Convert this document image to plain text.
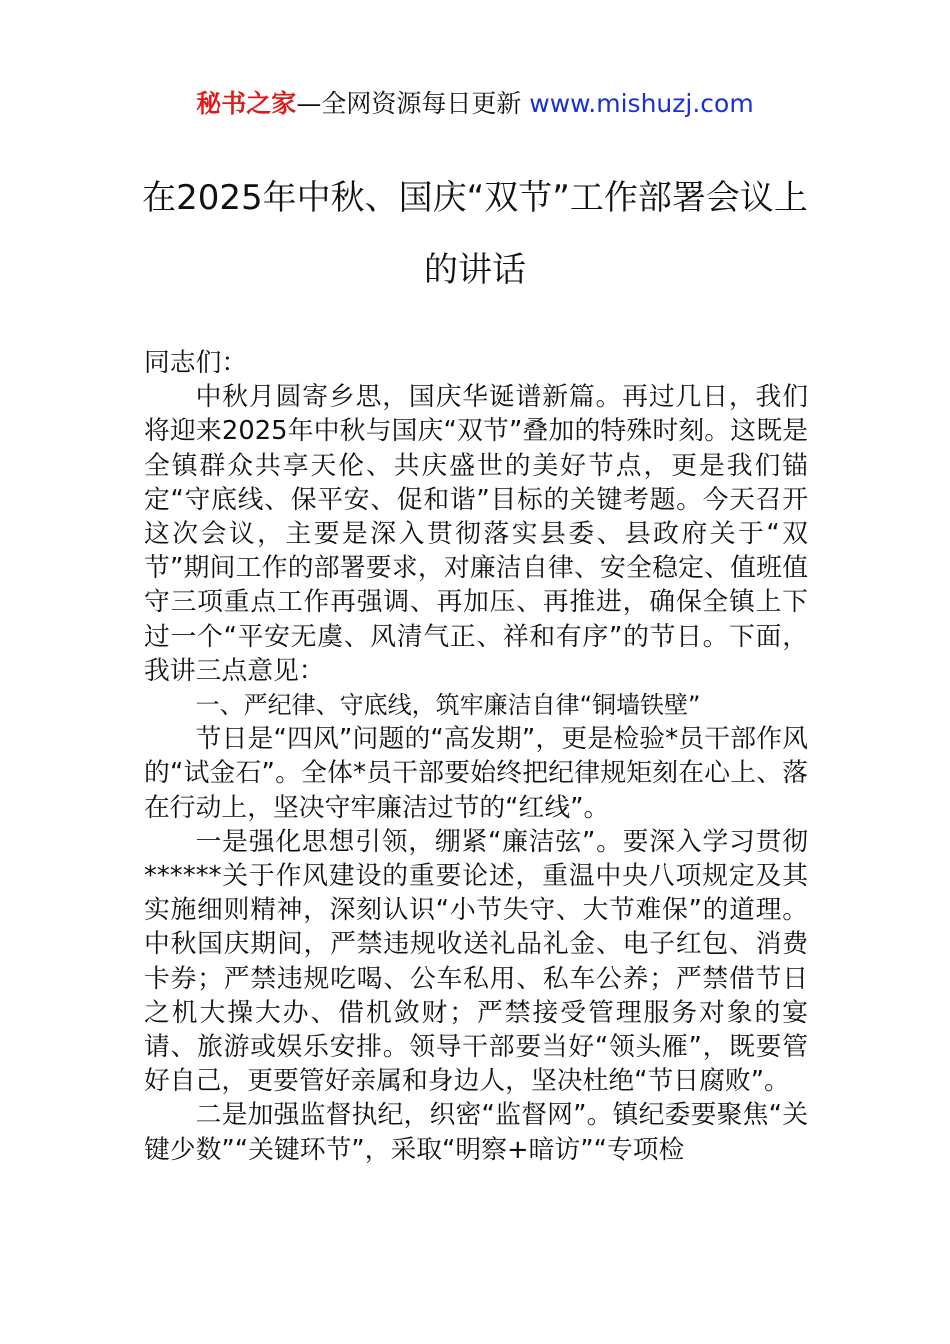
秘书之家—全网资源每日更新 www.mishuzj.com
在2025年中秋、国庆“双节”工作部署会议上的讲话

同志们：

中秋月圆寄乡思，国庆华诞谱新篇。再过几日，我们将迎来2025年中秋与国庆“双节”叠加的特殊时刻。这既是全镇群众共享天伦、共庆盛世的美好节点，更是我们锚定“守底线、保平安、促和谐”目标的关键考题。今天召开这次会议，主要是深入贯彻落实县委、县政府关于“双节”期间工作的部署要求，对廉洁自律、安全稳定、值班值守三项重点工作再强调、再加压、再推进，确保全镇上下过一个“平安无虞、风清气正、祥和有序”的节日。下面，我讲三点意见：

一、严纪律、守底线，筑牢廉洁自律“铜墙铁壁”

节日是“四风”问题的“高发期”，更是检验*员干部作风的“试金石”。全体*员干部要始终把纪律规矩刻在心上、落在行动上，坚决守牢廉洁过节的“红线”。

一是强化思想引领，绷紧“廉洁弦”。要深入学习贯彻******关于作风建设的重要论述，重温中央八项规定及其实施细则精神，深刻认识“小节失守、大节难保”的道理。中秋国庆期间，严禁违规收送礼品礼金、电子红包、消费卡券；严禁违规吃喝、公车私用、私车公养；严禁借节日之机大操大办、借机敛财；严禁接受管理服务对象的宴请、旅游或娱乐安排。领导干部要当好“领头雁”，既要管好自己，更要管好亲属和身边人，坚决杜绝“节日腐败”。

二是加强监督执纪，织密“监督网”。镇纪委要聚焦“关键少数”“关键环节”，采取“明察+暗访”“专项检
